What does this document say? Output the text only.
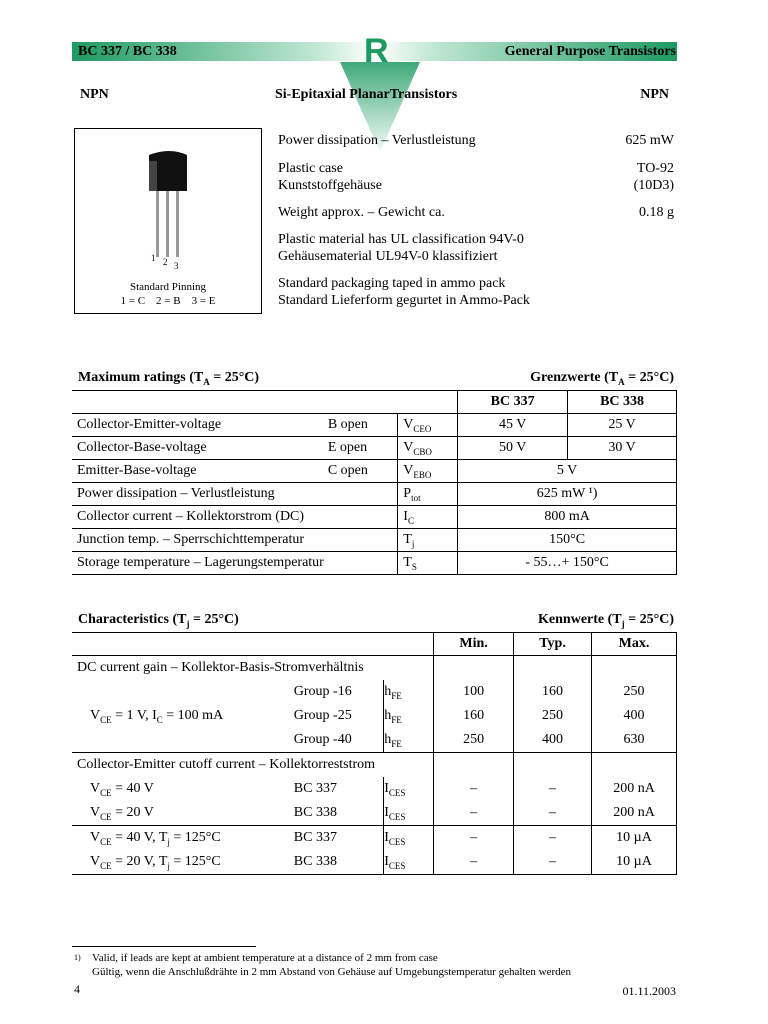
R
BC 337 / BC 338	General Purpose Transistors
NPN	Si-Epitaxial PlanarTransistors	NPN
1 2 3
Standard Pinning
1 = C    2 = B    3 = E
Power dissipation – Verlustleistung	625 mW
Plastic case	TO-92
Kunststoffgehäuse	(10D3)
Weight approx. – Gewicht ca.	0.18 g
Plastic material has UL classification 94V-0
Gehäusematerial UL94V-0 klassifiziert
Standard packaging taped in ammo pack
Standard Lieferform gegurtet in Ammo-Pack
Maximum ratings $(T_A = 25^\circ C)$	Grenzwerte $(T_A = 25^\circ C)$
			BC 337	BC 338
Collector-Emitter-voltage	B open	$V_{CEO}$	45 V	25 V
Collector-Base-voltage	E open	$V_{CBO}$	50 V	30 V
Emitter-Base-voltage	C open	$V_{EBO}$	5 V	
Power dissipation – Verlustleistung		$P_{tot}$	625 mW ¹)	
Collector current – Kollektorstrom (DC)		$I_C$	800 mA	
Junction temp. – Sperrschichttemperatur		$T_j$	150°C	
Storage temperature – Lagerungstemperatur		$T_S$	- 55…+ 150°C	
Characteristics $(T_j = 25^\circ C)$	Kennwerte $(T_j = 25^\circ C)$
			Min.	Typ.	Max.
DC current gain – Kollektor-Basis-Stromverhältnis					
$V_{CE} = 1$ V, $I_C = 100$ mA	Group -16	$h_{FE}$	100	160	250
	Group -25	$h_{FE}$	160	250	400
	Group -40	$h_{FE}$	250	400	630
Collector-Emitter cutoff current – Kollektorreststrom					
$V_{CE} = 40$ V	BC 337	$I_{CES}$	–	–	200 nA
$V_{CE} = 20$ V	BC 338	$I_{CES}$	–	–	200 nA
$V_{CE} = 40$ V, $T_j = 125^\circ C$	BC 337	$I_{CES}$	–	–	10 µA
$V_{CE} = 20$ V, $T_j = 125^\circ C$	BC 338	$I_{CES}$	–	–	10 µA
1) Valid, if leads are kept at ambient temperature at a distance of 2 mm from case
Gültig, wenn die Anschlußdrähte in 2 mm Abstand von Gehäuse auf Umgebungstemperatur gehalten werden
4	01.11.2003
